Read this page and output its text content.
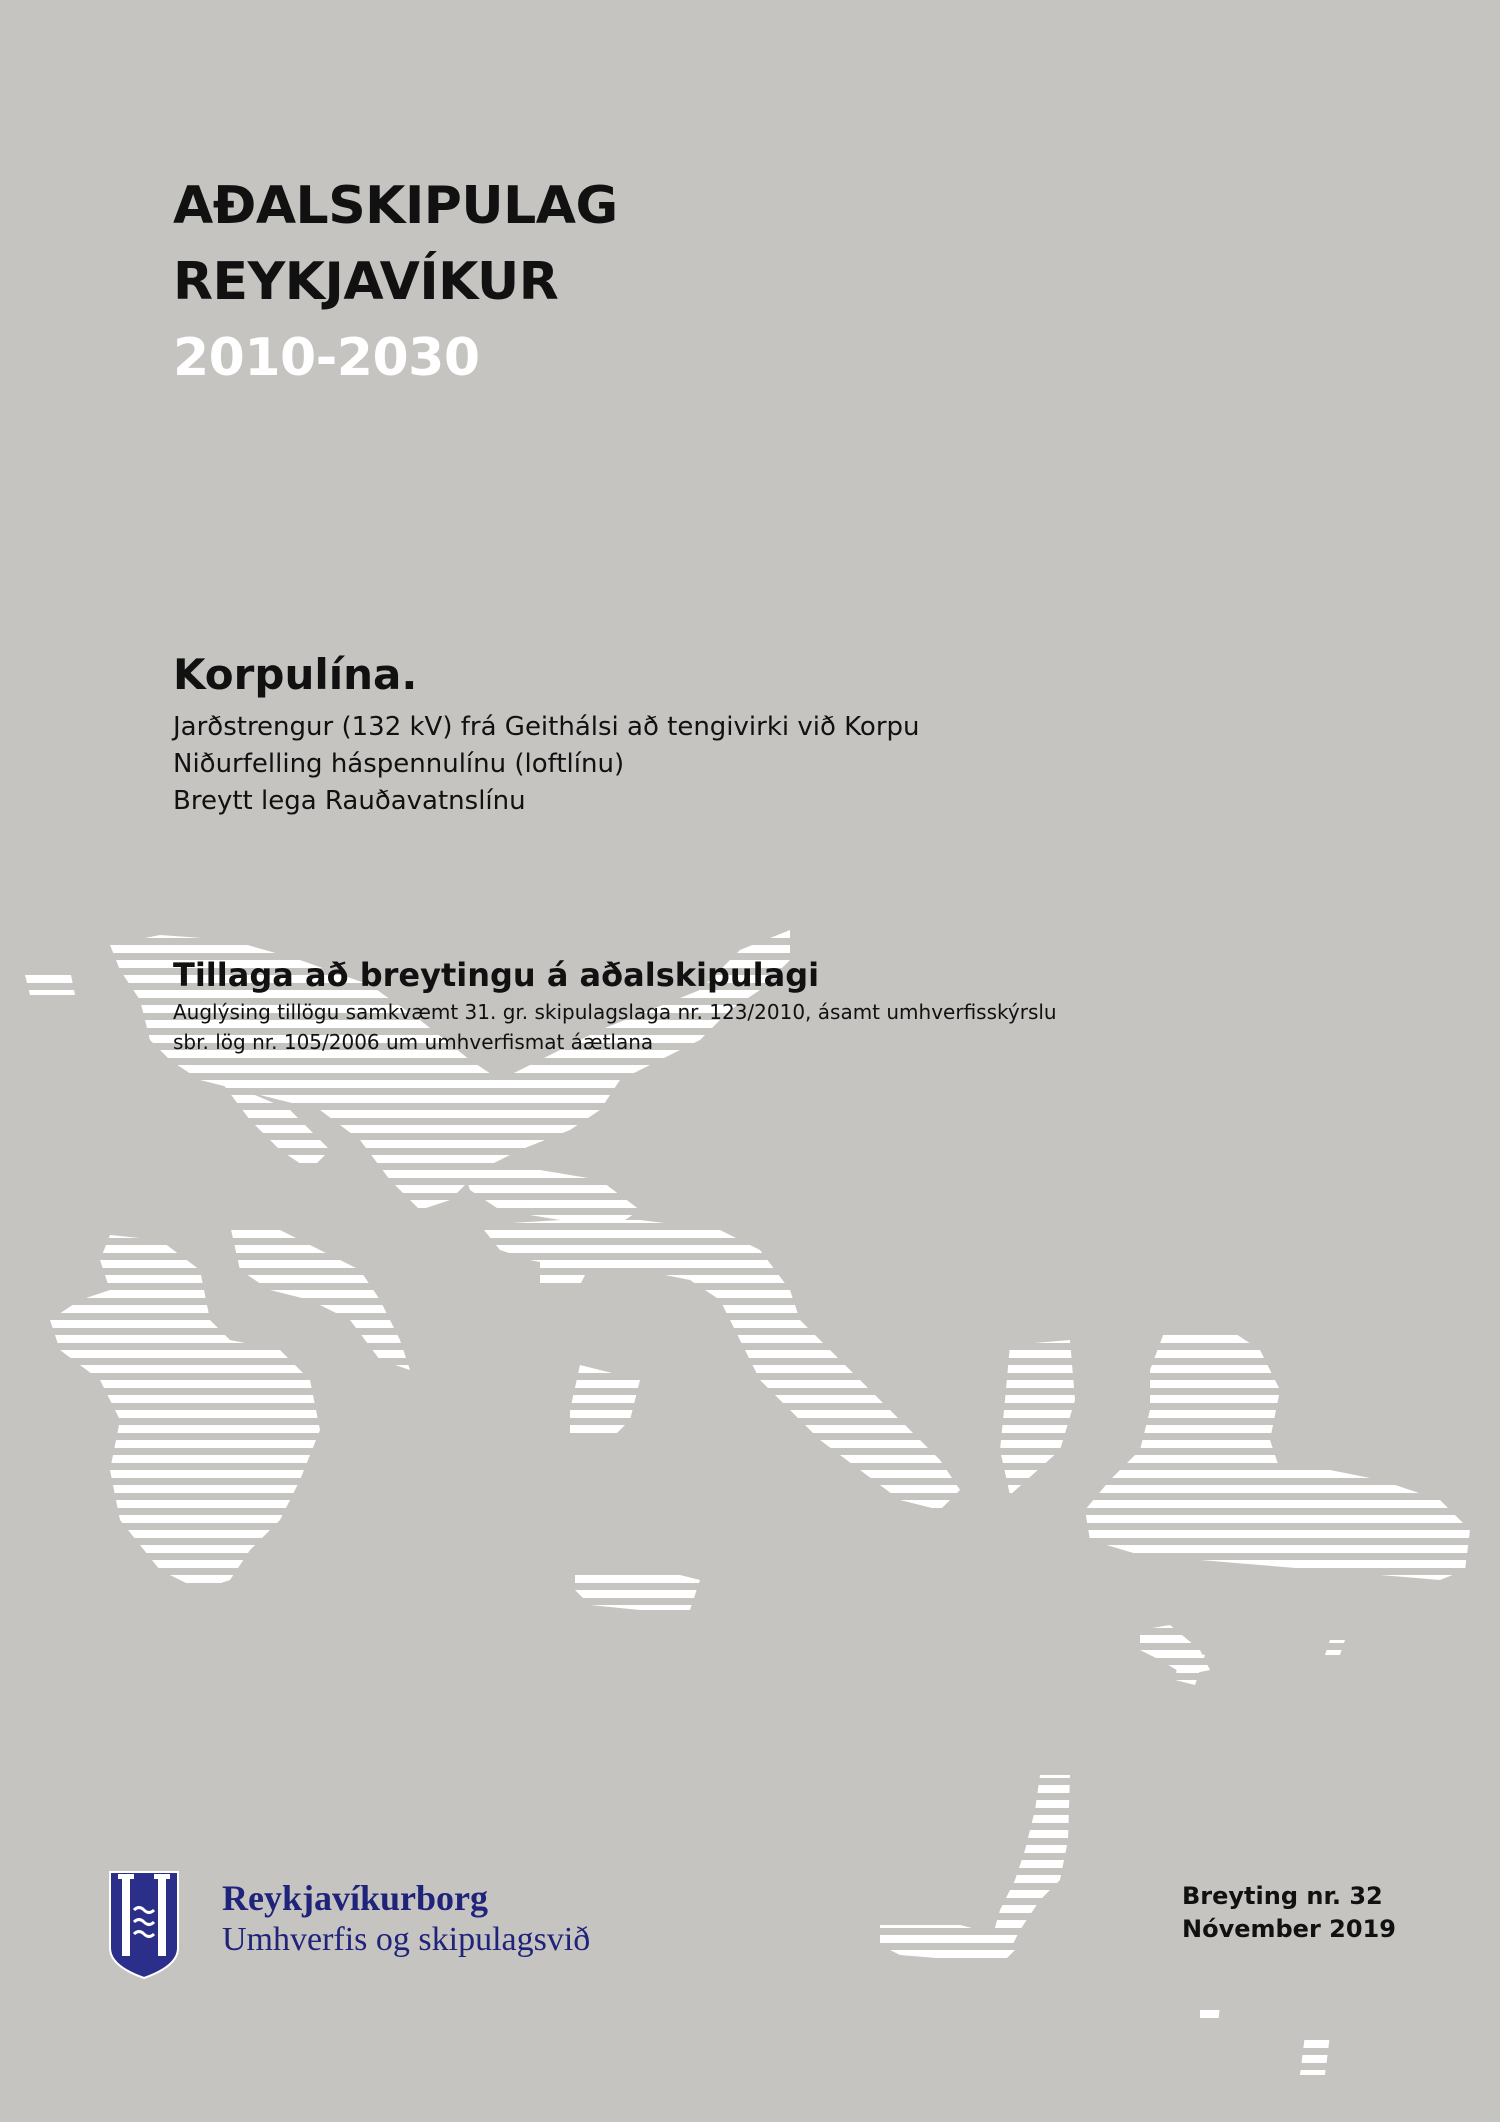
AÐALSKIPULAG
REYKJAVÍKUR
2010-2030
Korpulína.
Jarðstrengur (132 kV) frá Geithálsi að tengivirki við Korpu
Niðurfelling háspennulínu (loftlínu)
Breytt lega Rauðavatnslínu
Tillaga að breytingu á aðalskipulagi
Auglýsing tillögu samkvæmt 31. gr. skipulagslaga nr. 123/2010, ásamt umhverfisskýrslu
sbr. lög nr. 105/2006 um umhverfismat áætlana
Reykjavíkurborg
Umhverfis og skipulagsvið
Breyting nr. 32
Nóvember 2019
